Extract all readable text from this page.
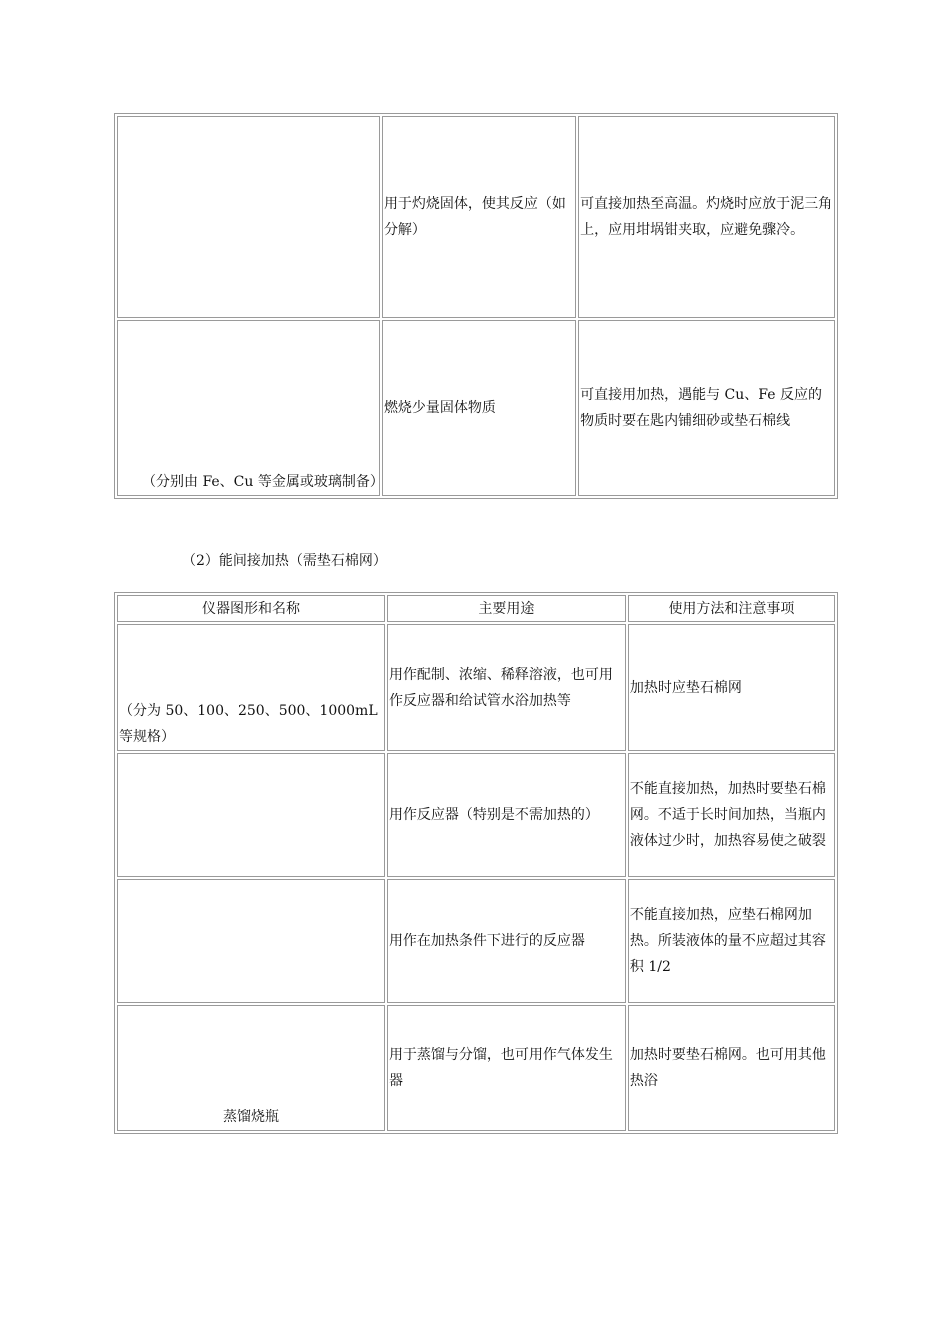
	用于灼烧固体，使其反应（如分解）	可直接加热至高温。灼烧时应放于泥三角上，应用坩埚钳夹取，应避免骤冷。
（分别由 Fe、Cu 等金属或玻璃制备）	燃烧少量固体物质	可直接用加热，遇能与 Cu、Fe 反应的物质时要在匙内铺细砂或垫石棉线
（2）能间接加热（需垫石棉网）
仪器图形和名称	主要用途	使用方法和注意事项
（分为 50、100、250、500、1000mL 等规格）	用作配制、浓缩、稀释溶液，也可用作反应器和给试管水浴加热等	加热时应垫石棉网
	用作反应器（特别是不需加热的）	不能直接加热，加热时要垫石棉网。不适于长时间加热，当瓶内液体过少时，加热容易使之破裂
	用作在加热条件下进行的反应器	不能直接加热，应垫石棉网加热。所装液体的量不应超过其容积 1/2
蒸馏烧瓶	用于蒸馏与分馏，也可用作气体发生器	加热时要垫石棉网。也可用其他热浴
